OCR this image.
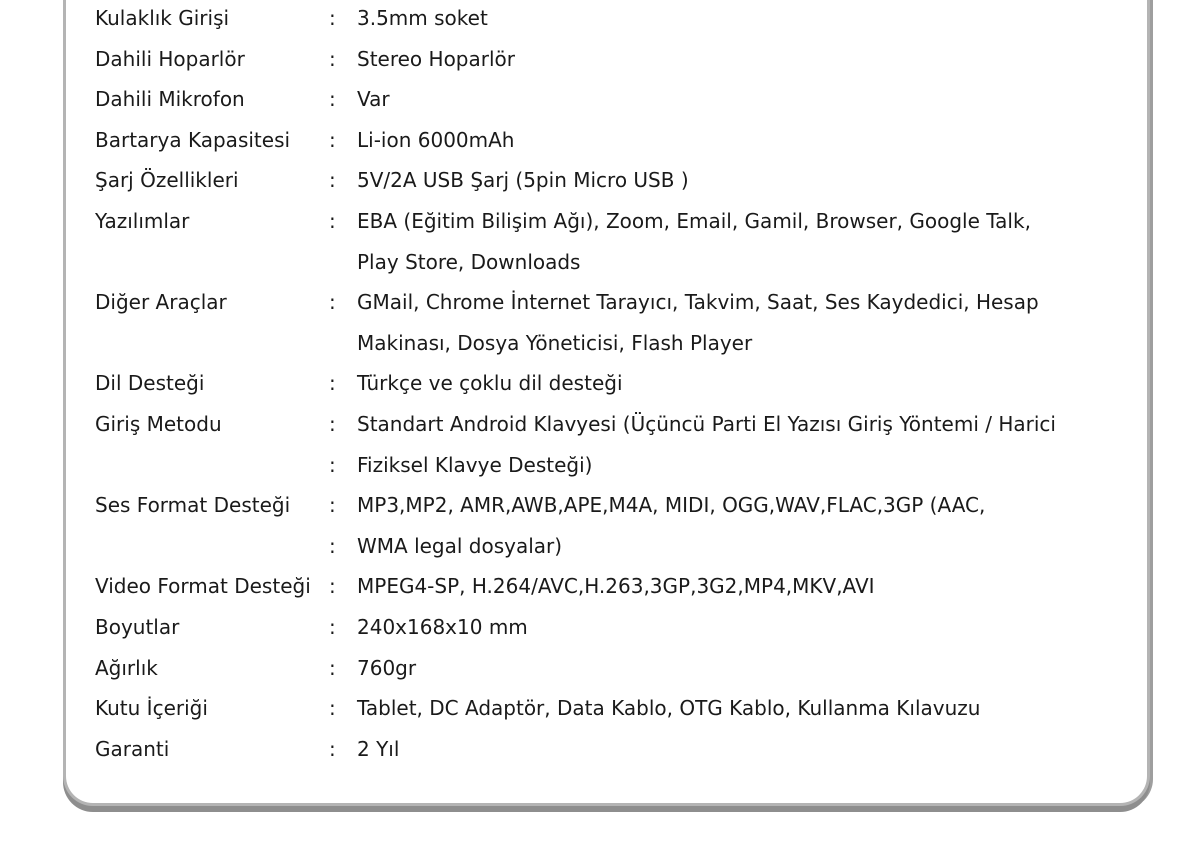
Kulaklık Girişi	:	3.5mm soket
Dahili Hoparlör	:	Stereo Hoparlör
Dahili Mikrofon	:	Var
Bartarya Kapasitesi	:	Li-ion 6000mAh
Şarj Özellikleri	:	5V/2A USB Şarj (5pin Micro USB )
Yazılımlar	:	EBA (Eğitim Bilişim Ağı), Zoom, Email, Gamil, Browser, Google Talk,
Play Store, Downloads
Diğer Araçlar	:	GMail, Chrome İnternet Tarayıcı, Takvim, Saat, Ses Kaydedici, Hesap
Makinası, Dosya Yöneticisi, Flash Player
Dil Desteği	:	Türkçe ve çoklu dil desteği
Giriş Metodu	:	Standart Android Klavyesi (Üçüncü Parti El Yazısı Giriş Yöntemi / Harici
:	Fiziksel Klavye Desteği)
Ses Format Desteği	:	MP3,MP2, AMR,AWB,APE,M4A, MIDI, OGG,WAV,FLAC,3GP (AAC,
:	WMA legal dosyalar)
Video Format Desteği :	MPEG4-SP, H.264/AVC,H.263,3GP,3G2,MP4,MKV,AVI
Boyutlar	:	240x168x10 mm
Ağırlık	:	760gr
Kutu İçeriği	:	Tablet, DC Adaptör, Data Kablo, OTG Kablo, Kullanma Kılavuzu
Garanti	:	2 Yıl
